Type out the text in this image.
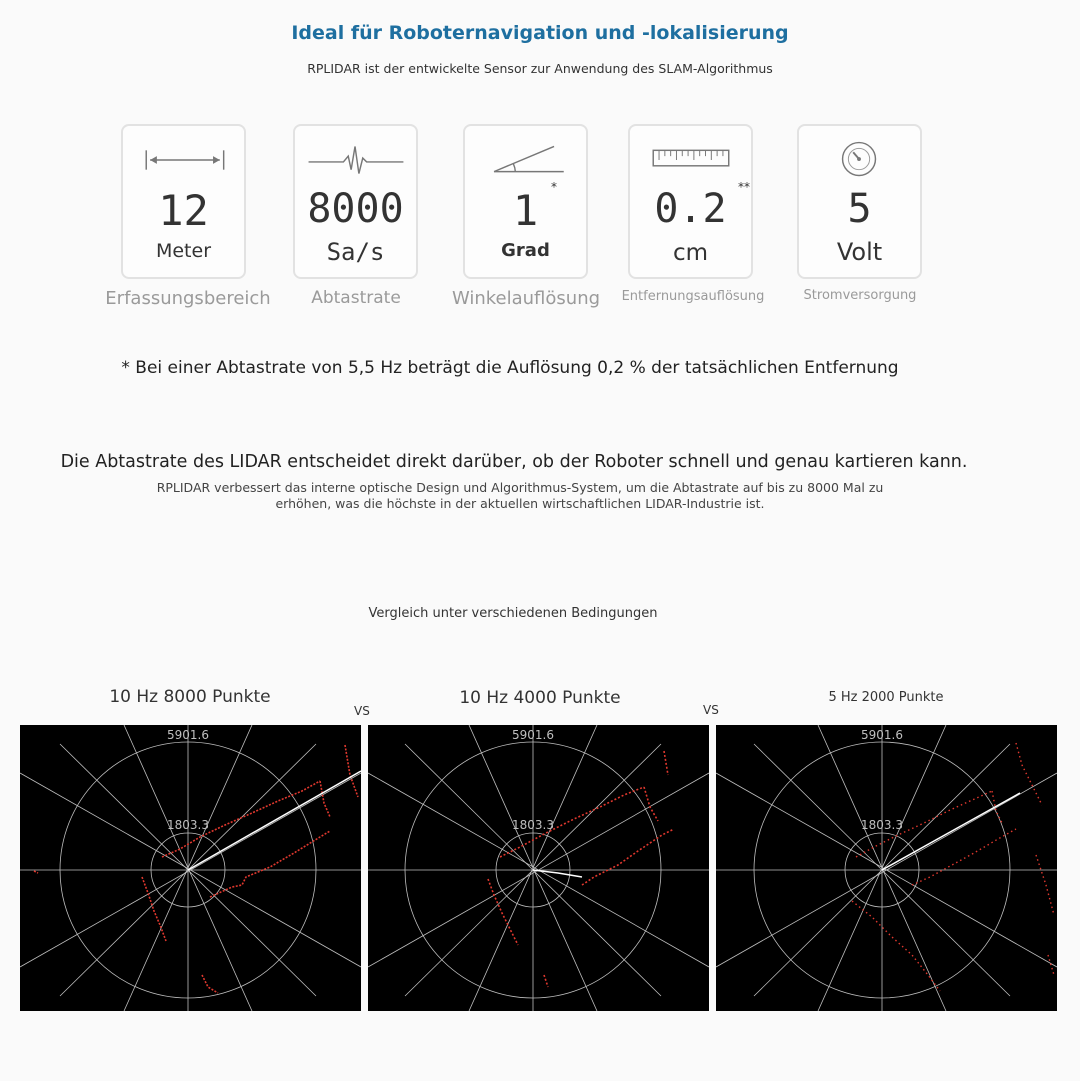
Ideal für Roboternavigation und -lokalisierung
RPLIDAR ist der entwickelte Sensor zur Anwendung des SLAM-Algorithmus
12
Meter
Erfassungsbereich
8000
Sa/s
Abtastrate
1	*
Grad
Winkelauflösung
0.2 **
cm
Entfernungsauflösung
5
Volt
Stromversorgung
* Bei einer Abtastrate von 5,5 Hz beträgt die Auflösung 0,2 % der tatsächlichen Entfernung
Die Abtastrate des LIDAR entscheidet direkt darüber, ob der Roboter schnell und genau kartieren kann.
RPLIDAR verbessert das interne optische Design und Algorithmus-System, um die Abtastrate auf bis zu 8000 Mal zu erhöhen, was die höchste in der aktuellen wirtschaftlichen LIDAR-Industrie ist.
Vergleich unter verschiedenen Bedingungen
10 Hz 8000 Punkte
VS
10 Hz 4000 Punkte
VS
5 Hz 2000 Punkte
5901.6
1803.3
5901.6
1803.3
5901.6
1803.3
